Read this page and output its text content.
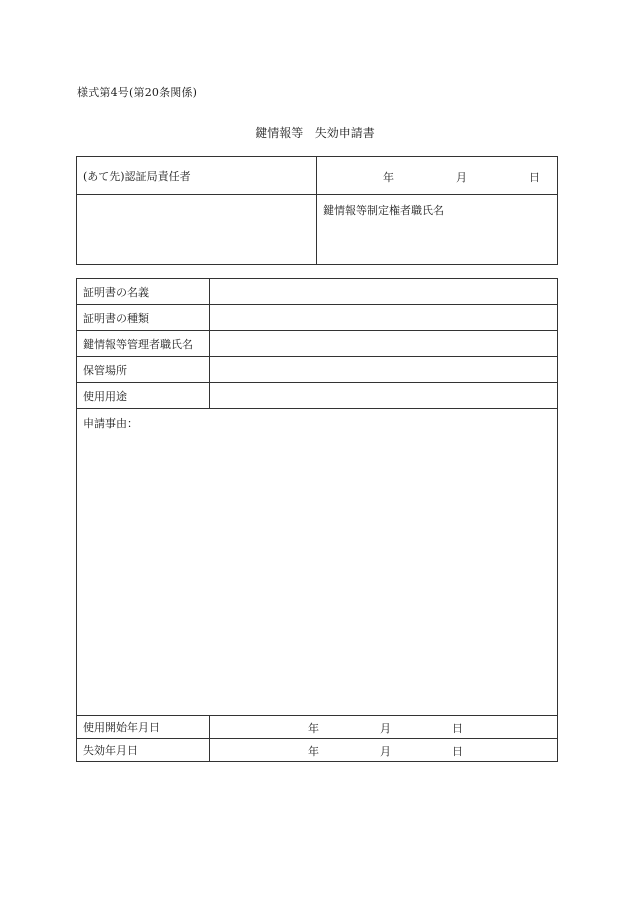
様式第4号(第20条関係)
鍵情報等 失効申請書
(あて先)認証局責任者	年 月 日

	鍵情報等制定権者職氏名
証明書の名義	
証明書の種類	
鍵情報等管理者職氏名	
保管場所	
使用用途	
申請事由：	
使用開始年月日	年 月 日

失効年月日	年 月 日
